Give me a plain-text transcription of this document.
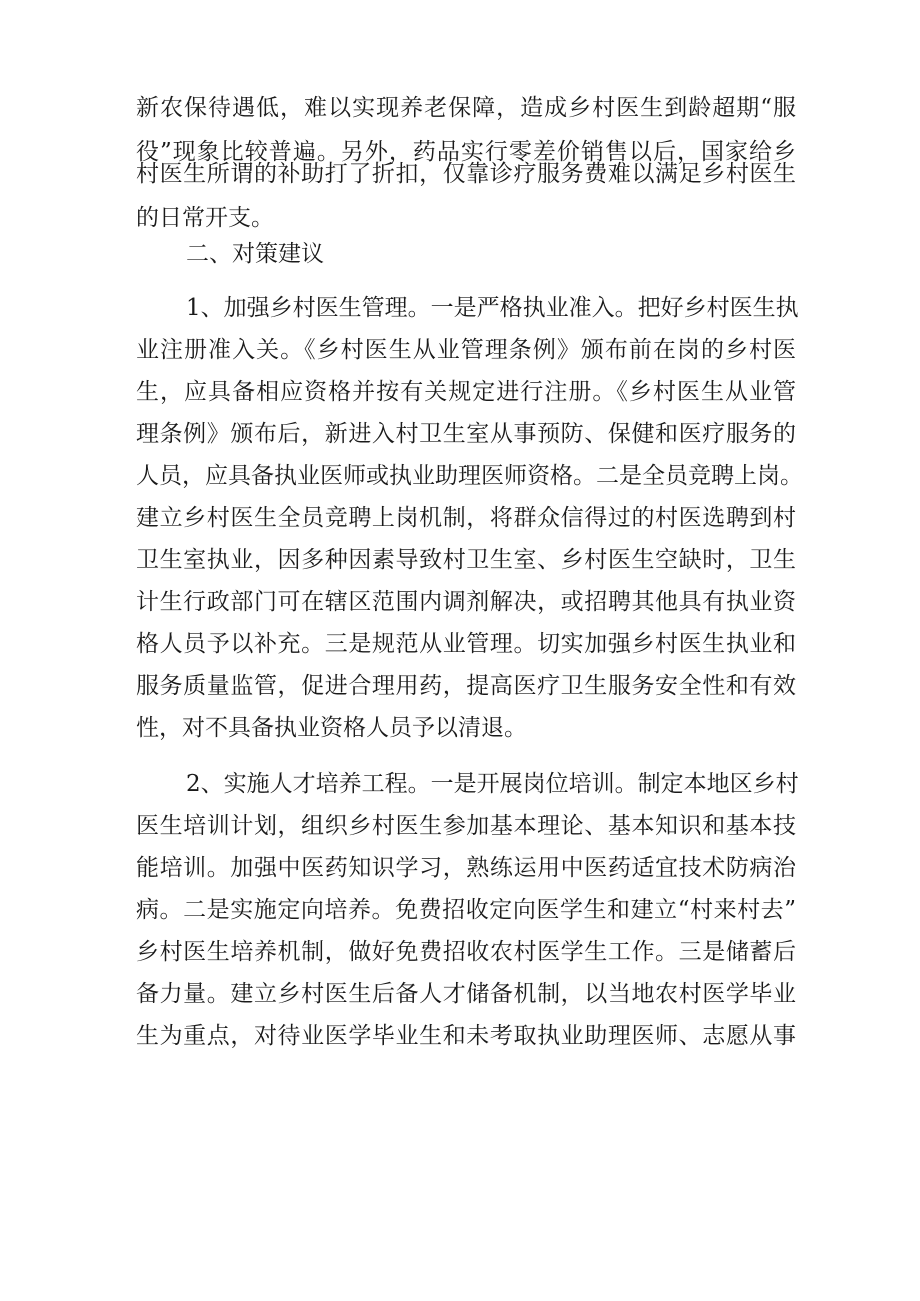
新农保待遇低，难以实现养老保障，造成乡村医生到龄超期“服
役”现象比较普遍。另外，药品实行零差价销售以后，国家给乡
村医生所谓的补助打了折扣，仅靠诊疗服务费难以满足乡村医生
的日常开支。
二、对策建议
1、加强乡村医生管理。一是严格执业准入。把好乡村医生执
业注册准入关。《乡村医生从业管理条例》颁布前在岗的乡村医
生，应具备相应资格并按有关规定进行注册。《乡村医生从业管
理条例》颁布后，新进入村卫生室从事预防、保健和医疗服务的
人员，应具备执业医师或执业助理医师资格。二是全员竞聘上岗。
建立乡村医生全员竞聘上岗机制，将群众信得过的村医选聘到村
卫生室执业，因多种因素导致村卫生室、乡村医生空缺时，卫生
计生行政部门可在辖区范围内调剂解决，或招聘其他具有执业资
格人员予以补充。三是规范从业管理。切实加强乡村医生执业和
服务质量监管，促进合理用药，提高医疗卫生服务安全性和有效
性，对不具备执业资格人员予以清退。
2、实施人才培养工程。一是开展岗位培训。制定本地区乡村
医生培训计划，组织乡村医生参加基本理论、基本知识和基本技
能培训。加强中医药知识学习，熟练运用中医药适宜技术防病治
病。二是实施定向培养。免费招收定向医学生和建立“村来村去”
乡村医生培养机制，做好免费招收农村医学生工作。三是储蓄后
备力量。建立乡村医生后备人才储备机制，以当地农村医学毕业
生为重点，对待业医学毕业生和未考取执业助理医师、志愿从事
